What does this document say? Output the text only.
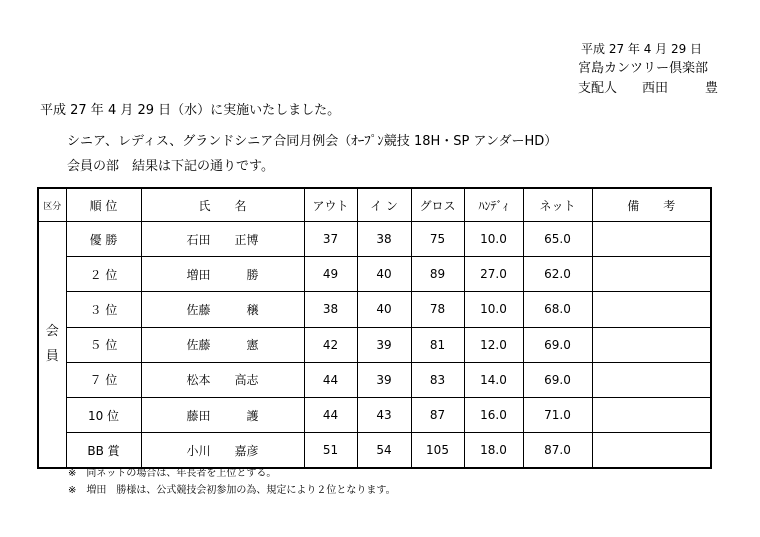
平成 27 年 4 月 29 日
宮島カンツリー倶楽部
支配人 西田	豊
平成 27 年 4 月 29 日（水）に実施いたしました。
シニア、レディス、グランドシニア合同月例会（ｵｰﾌﾟﾝ競技 18H・SP アンダーHD）
会員の部　結果は下記の通りです。
区分	順 位	氏　　名	アウト	イ ン	グロス	ﾊﾝﾃﾞｨ	ネット	備　　考

会
員	優 勝	石田　　正博	37	38	75	10.0	65.0	
	２ 位	増田　　　勝	49	40	89	27.0	62.0	
	３ 位	佐藤　　　穣	38	40	78	10.0	68.0	
	５ 位	佐藤　　　憲	42	39	81	12.0	69.0	
	７ 位	松本　　高志	44	39	83	14.0	69.0	
	10 位	藤田　　　護	44	43	87	16.0	71.0	
	BB 賞	小川　　嘉彦	51	54	105	18.0	87.0	
※　同ネットの場合は、年長者を上位とする。
※　増田　勝様は、公式競技会初参加の為、規定により２位となります。
